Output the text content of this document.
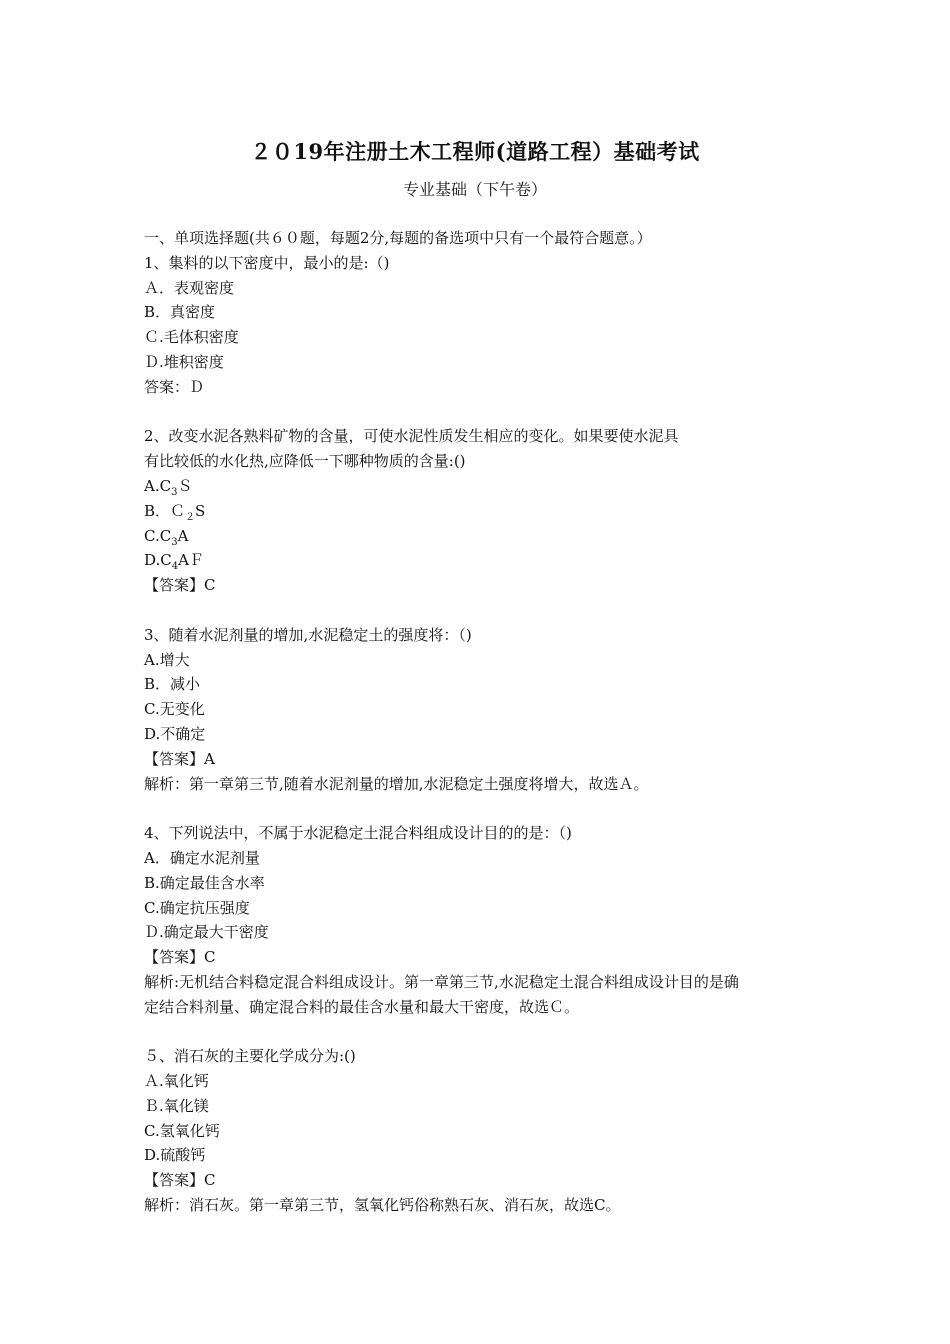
２０19年注册土木工程师(道路工程）基础考试
专业基础（下午卷）

一、单项选择题(共６０题，每题2分,每题的备选项中只有一个最符合题意。）

1、集料的以下密度中，最小的是:（)

Ａ．表观密度

B．真密度

Ｃ.毛体积密度

Ｄ.堆积密度

答案：Ｄ

2、改变水泥各熟料矿物的含量，可使水泥性质发生相应的变化。如果要使水泥具

有比较低的水化热,应降低一下哪种物质的含量:()

$A.C_3S$

B．Ｃ$_2$S

$C.C_3A$

$D.C_4AF$

【答案】C

3、随着水泥剂量的增加,水泥稳定土的强度将：（)

A.增大

B．减小

C.无变化

D.不确定

【答案】A

解析：第一章第三节,随着水泥剂量的增加,水泥稳定土强度将增大，故选Ａ。

4、下列说法中，不属于水泥稳定土混合料组成设计目的的是：（)

A．确定水泥剂量

B.确定最佳含水率

C.确定抗压强度

Ｄ.确定最大干密度

【答案】C

解析:无机结合料稳定混合料组成设计。第一章第三节,水泥稳定土混合料组成设计目的是确

定结合料剂量、确定混合料的最佳含水量和最大干密度，故选Ｃ。

５、消石灰的主要化学成分为:()

Ａ.氧化钙

Ｂ.氧化镁

C.氢氧化钙

D.硫酸钙

【答案】C

解析：消石灰。第一章第三节，氢氧化钙俗称熟石灰、消石灰，故选C。
